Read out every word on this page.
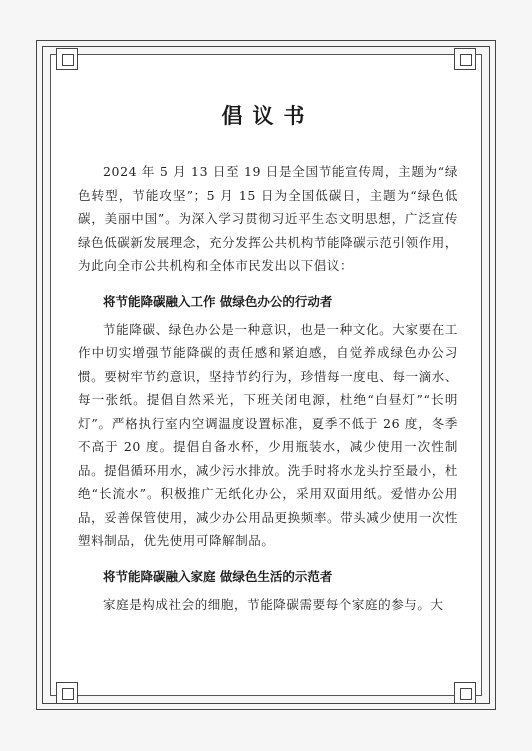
倡议书

2024 年 5 月 13 日至 19 日是全国节能宣传周，主题为“绿色转型，节能攻坚”；5 月 15 日为全国低碳日，主题为“绿色低碳，美丽中国”。为深入学习贯彻习近平生态文明思想，广泛宣传绿色低碳新发展理念，充分发挥公共机构节能降碳示范引领作用，为此向全市公共机构和全体市民发出以下倡议：

将节能降碳融入工作 做绿色办公的行动者

节能降碳、绿色办公是一种意识，也是一种文化。大家要在工作中切实增强节能降碳的责任感和紧迫感，自觉养成绿色办公习惯。要树牢节约意识，坚持节约行为，珍惜每一度电、每一滴水、每一张纸。提倡自然采光，下班关闭电源，杜绝“白昼灯”“长明灯”。严格执行室内空调温度设置标准，夏季不低于 26 度，冬季不高于 20 度。提倡自备水杯，少用瓶装水，减少使用一次性制品。提倡循环用水，减少污水排放。洗手时将水龙头拧至最小，杜绝“长流水”。积极推广无纸化办公，采用双面用纸。爱惜办公用品，妥善保管使用，减少办公用品更换频率。带头减少使用一次性塑料制品，优先使用可降解制品。

将节能降碳融入家庭 做绿色生活的示范者

家庭是构成社会的细胞，节能降碳需要每个家庭的参与。大
